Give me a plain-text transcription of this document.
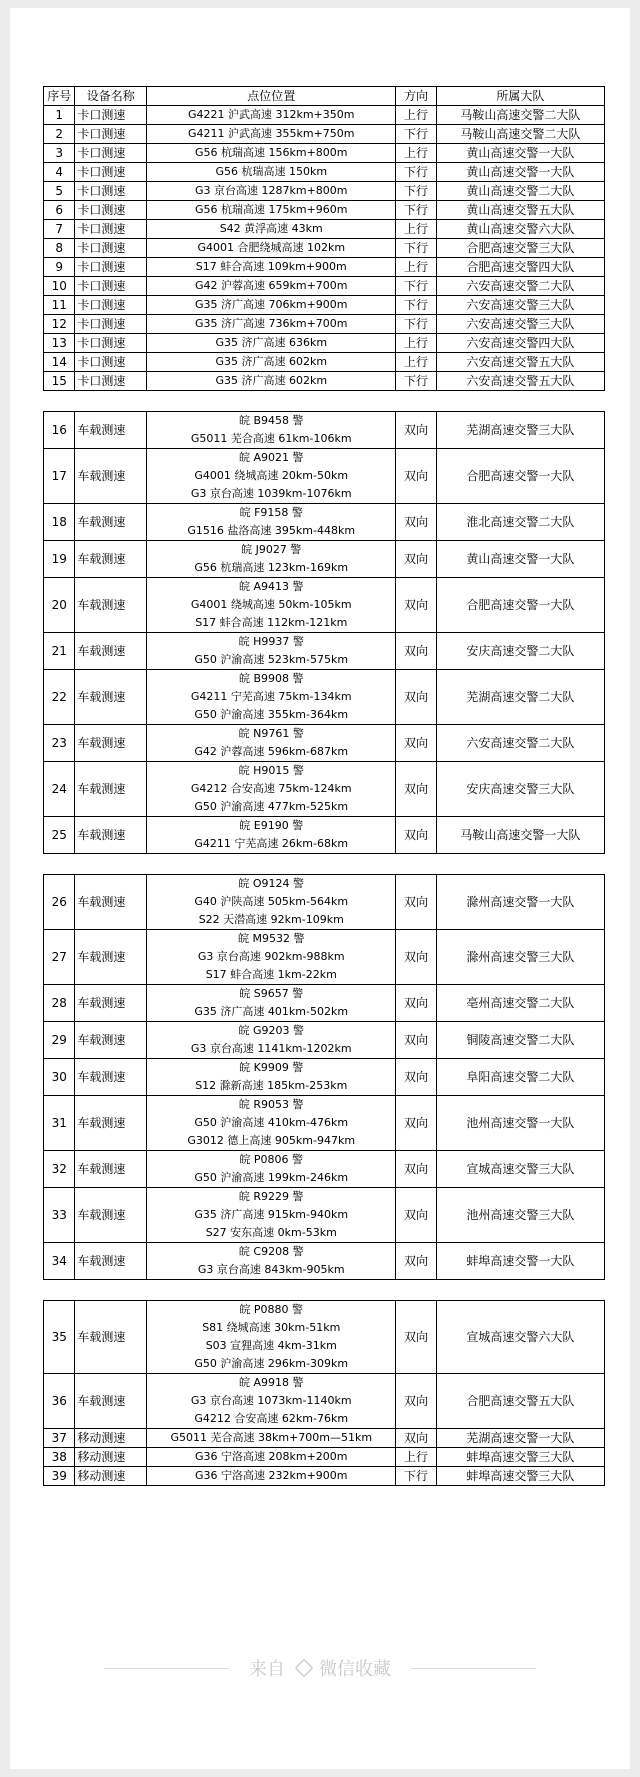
序号	设备名称	点位位置	方向	所属大队
1	卡口测速	G4221 沪武高速 312km+350m	上行	马鞍山高速交警二大队
2	卡口测速	G4211 沪武高速 355km+750m	下行	马鞍山高速交警二大队
3	卡口测速	G56 杭瑞高速 156km+800m	上行	黄山高速交警一大队
4	卡口测速	G56 杭瑞高速 150km	下行	黄山高速交警一大队
5	卡口测速	G3 京台高速 1287km+800m	下行	黄山高速交警二大队
6	卡口测速	G56 杭瑞高速 175km+960m	下行	黄山高速交警五大队
7	卡口测速	S42 黄浮高速 43km	上行	黄山高速交警六大队
8	卡口测速	G4001 合肥绕城高速 102km	下行	合肥高速交警三大队
9	卡口测速	S17 蚌合高速 109km+900m	上行	合肥高速交警四大队
10	卡口测速	G42 沪蓉高速 659km+700m	下行	六安高速交警二大队
11	卡口测速	G35 济广高速 706km+900m	下行	六安高速交警三大队
12	卡口测速	G35 济广高速 736km+700m	下行	六安高速交警三大队
13	卡口测速	G35 济广高速 636km	上行	六安高速交警四大队
14	卡口测速	G35 济广高速 602km	上行	六安高速交警五大队
15	卡口测速	G35 济广高速 602km	下行	六安高速交警五大队
16	车载测速	皖 B9458 警
G5011 芜合高速 61km-106km	双向	芜湖高速交警三大队
17	车载测速	皖 A9021 警
G4001 绕城高速 20km-50km
G3 京台高速 1039km-1076km	双向	合肥高速交警一大队
18	车载测速	皖 F9158 警
G1516 盐洛高速 395km-448km	双向	淮北高速交警二大队
19	车载测速	皖 J9027 警
G56 杭瑞高速 123km-169km	双向	黄山高速交警一大队
20	车载测速	皖 A9413 警
G4001 绕城高速 50km-105km
S17 蚌合高速 112km-121km	双向	合肥高速交警一大队
21	车载测速	皖 H9937 警
G50 沪渝高速 523km-575km	双向	安庆高速交警二大队
22	车载测速	皖 B9908 警
G4211 宁芜高速 75km-134km
G50 沪渝高速 355km-364km	双向	芜湖高速交警二大队
23	车载测速	皖 N9761 警
G42 沪蓉高速 596km-687km	双向	六安高速交警二大队
24	车载测速	皖 H9015 警
G4212 合安高速 75km-124km
G50 沪渝高速 477km-525km	双向	安庆高速交警三大队
25	车载测速	皖 E9190 警
G4211 宁芜高速 26km-68km	双向	马鞍山高速交警一大队
26	车载测速	皖 O9124 警
G40 沪陕高速 505km-564km
S22 天潜高速 92km-109km	双向	滁州高速交警一大队
27	车载测速	皖 M9532 警
G3 京台高速 902km-988km
S17 蚌合高速 1km-22km	双向	滁州高速交警三大队
28	车载测速	皖 S9657 警
G35 济广高速 401km-502km	双向	亳州高速交警二大队
29	车载测速	皖 G9203 警
G3 京台高速 1141km-1202km	双向	铜陵高速交警二大队
30	车载测速	皖 K9909 警
S12 滁新高速 185km-253km	双向	阜阳高速交警二大队
31	车载测速	皖 R9053 警
G50 沪渝高速 410km-476km
G3012 德上高速 905km-947km	双向	池州高速交警一大队
32	车载测速	皖 P0806 警
G50 沪渝高速 199km-246km	双向	宣城高速交警三大队
33	车载测速	皖 R9229 警
G35 济广高速 915km-940km
S27 安东高速 0km-53km	双向	池州高速交警三大队
34	车载测速	皖 C9208 警
G3 京台高速 843km-905km	双向	蚌埠高速交警一大队
35	车载测速	皖 P0880 警
S81 绕城高速 30km-51km
S03 宣狸高速 4km-31km
G50 沪渝高速 296km-309km	双向	宣城高速交警六大队
36	车载测速	皖 A9918 警
G3 京台高速 1073km-1140km
G4212 合安高速 62km-76km	双向	合肥高速交警五大队
37	移动测速	G5011 芜合高速 38km+700m—51km	双向	芜湖高速交警一大队
38	移动测速	G36 宁洛高速 208km+200m	上行	蚌埠高速交警三大队
39	移动测速	G36 宁洛高速 232km+900m	下行	蚌埠高速交警三大队
来自 微信收藏
